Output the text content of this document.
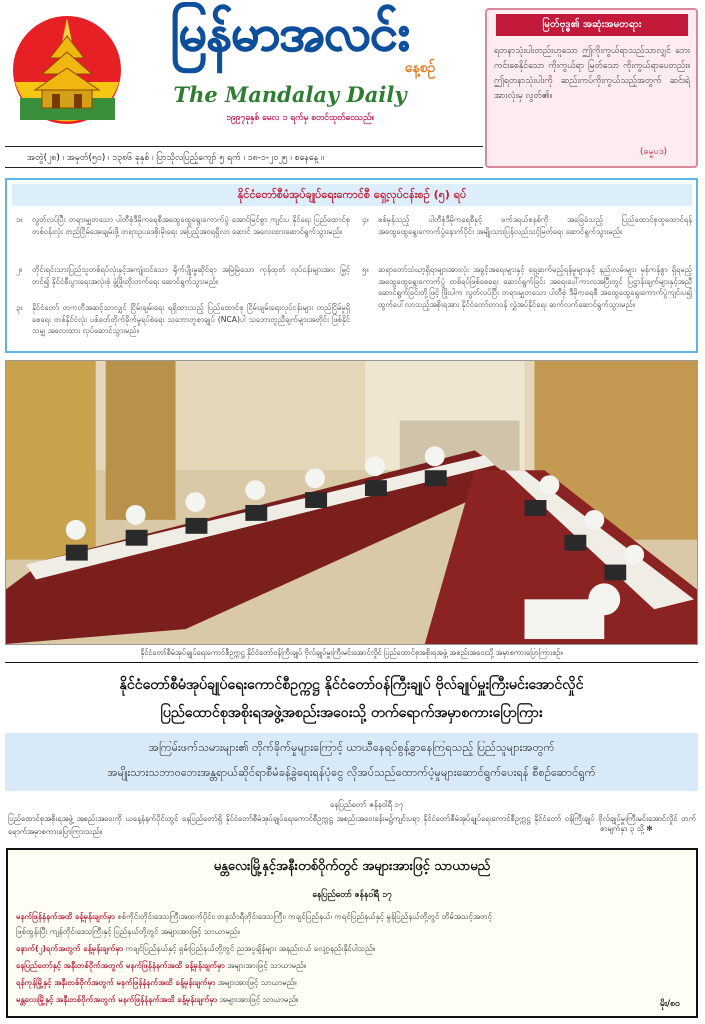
မြန်မာအလင်း
နေ့စဉ်
The Mandalay Daily
၁၉၉၇ခုနှစ် မေလ ၁ ရက်မှ စတင်ထုတ်ဝေသည်။
မြတ်ဗုဒ္ဓ၏ အဆုံးအမတရား
ရတနာသုံးပါးတည်းဟူသော ဤကိုးကွယ်ရာသည်သာလျှင် ဘေးကင်းစေနိုင်သော ကိုးကွယ်ရာ မြတ်သော ကိုးကွယ်ရာပေတည်း။ ဤရတနာသုံးပါးကို ဆည်းကပ်ကိုးကွယ်သည့်အတွက် ဆင်းရဲအားလုံးမှ လွတ်၏။
(ဓမ္မပဒ)
အတွဲ(၂၈) ၊ အမှတ်(၅၀) ၊ ၁၃၈၆ ခုနှစ် ၊ ပြာသိုလပြည့်ကျော် ၅ ရက် ၊ ၁၈-၁-၂၀၂၅ ၊ စနေနေ့ ။
နိုင်ငံတော်စီမံအုပ်ချုပ်ရေးကောင်စီ ရှေ့လုပ်ငန်းစဉ် (၅) ရပ်
၁။ လွတ်လပ်ပြီး တရားမျှတသော ပါတီစုံဒီမိုကရေစီအထွေထွေရွေးကောက်ပွဲ အောင်မြင်စွာ ကျင်းပ နိုင်ရေး ပြည်ထောင်စုတစ်ဝန်းလုံး တည်ငြိမ်အေးချမ်းဖို့ တရားဥပဒေစိုးမိုးရေး အပြည့်အဝရရှိလာ ဆောင် အလေးထားဆောင်ရွက်သွားမည်။
၂။ တိုင်းရင်းသားပြည်သူတစ်ရပ်လုံးနှင့်အကျုံးဝင်သော ရိုက်ပျိုးမှုဆိုင်ရာ အမြဲမြဲသော ကုန်ထုတ် လုပ်ငန်းများအား မြှင့်တင်၍ နိုင်ငံစီးပွားရေးအလုံးစုံ ဖွံ့ဖြိုးတိုးတက်ရေး ဆောင်ရွက်သွားမည်။
၃။ နိုင်ငံတော် တကတီအဆင့်သာလျှင် ငြိမ်းချမ်းရေး ရရှိထားသည့် ပြည်ထောင်စု ငြိမ်းချမ်းရေးလုပ်ငန်းများ တည်ငြိမ်မှုရှိစေရေး တစ်နိုင်ငံလုံး ပစ်ခတ်တိုက်ခိုက်မှုရပ်စဲရေး သဘောတူစာချုပ် (NCA)ပါ သဘောတူညီချက်များအတိုင်း ဖြစ်နိုင်သမျှ အလေးထား လုပ်ဆောင်သွားမည်။
၄။ စစ်မှန်သည့် ပါတီစုံဒီမိုကရေစီနှင့် ဖက်ဒရယ်စနစ်ကို အခြေခံသည့် ပြည်ထောင်စုထူထောင်ရန် အထွေထွေရွေးကောက်ပွဲနောက်ပိုင်း အမျိုးသားပြန်လည်သင့်မြတ်ရေး ဆောင်ရွက်သွားမည်။
၅။ ဆရာတော်သံဃာ့ရှိရာများအားလုံး အခွင့်အရေးများနှင့် ရှေ့ဆက်မည့်ရန်မှုများနှင့် နည်းလမ်းများ မှန်ကန်စွာ ရှိရမည့် အထွေထွေရွေးကောက်ပွဲ တစ်ရပ်ဖြစ်စေရေး ဆောင်ရွက်ခြင်း အရေးပေါ်ကာလအပြီးတွင် ပြဋ္ဌာန်းချက်များနှင့်အညီ ဆောင်ရွက်ခြင်းတို့ဖြင့် ဖြိုးပါက လွတ်လပ်ပြီး တရားမျှတသော ပါတီစုံ ဒီမိုကရေစီ အထွေထွေရွေးကောက်ပွဲကျင်းပ၍ ထွက်ပေါ်လာသည့်အစိုးရအား နိုင်ငံတော်တာဝန် လွှဲအပ်နိုင်ရေး ဆက်လက်ဆောင်ရွက်သွားမည်။
နိုင်ငံတော်စီမံအုပ်ချုပ်ရေးကောင်စီဥက္ကဋ္ဌ နိုင်ငံတော်ဝန်ကြီးချုပ် ဗိုလ်ချုပ်မှူးကြီးမင်းအောင်လှိုင် ပြည်ထောင်စုအစိုးရအဖွဲ့ အစည်းအဝေးသို့ အမှာစကားပြောကြားစဉ်။
နိုင်ငံတော်စီမံအုပ်ချုပ်ရေးကောင်စီဥက္ကဋ္ဌ နိုင်ငံတော်ဝန်ကြီးချုပ် ဗိုလ်ချုပ်မှူးကြီးမင်းအောင်လှိုင်
ပြည်ထောင်စုအစိုးရအဖွဲ့အစည်းအဝေးသို့ တက်ရောက်အမှာစကားပြောကြား
အကြမ်းဖက်သမားများ၏ တိုက်ခိုက်မှုများကြောင့် ယာယီနေရပ်စွန့်ခွာနေကြရသည့် ပြည်သူများအတွက်
အမျိုးသားသဘာဝဘေးအန္တရာယ်ဆိုင်ရာစီမံခန့်ခွဲရေးရန်ပုံငွေ လိုအပ်သည်ထောက်ပံ့မှုများဆောင်ရွက်ပေးရန် စီစဉ်ဆောင်ရွက်
နေပြည်တော် ဇန်နဝါရီ ၁၇
ပြည်ထောင်စုအစိုးရအဖွဲ့ အစည်းအဝေးကို ယနေ့နံနက်ပိုင်းတွင် နေပြည်တော်ရှိ နိုင်ငံတော်စီမံအုပ်ချုပ်ရေးကောင်စီဥက္ကဋ္ဌ အစည်းအဝေးခန်းမ၌ကျင်းပရာ နိုင်ငံတော်စီမံအုပ်ချုပ်ရေးကောင်စီဥက္ကဋ္ဌ နိုင်ငံတော် ဝန်ကြီးချုပ် ဗိုလ်ချုပ်မှူးကြီးမင်းအောင်လှိုင် တက်ရောက်အမှာစကားပြောကြားသည်။	စာမျက်နှာ ၃ သို့ ✻
မန္တလေးမြို့နှင့်အနီးတစ်ဝိုက်တွင် အများအားဖြင့် သာယာမည်
နေပြည်တော် ဇန်နဝါရီ ၁၇
မနက်ဖြန်နံနက်အထိ ခန့်မှန်းချက်မှာ စစ်ကိုင်းတိုင်းဒေသကြီးအထက်ပိုင်း၊ တနင်္သာရီတိုင်းဒေသကြီး၊ ကချင်ပြည်နယ်၊ ကရင်ပြည်နယ်နှင့် မွန်ပြည်နယ်တို့တွင် တိမ်အသင့်အတင့်
ဖြစ်ထွန်းပြီး ကျန်တိုင်းဒေသကြီးနှင့် ပြည်နယ်တို့တွင် အများအားဖြင့် သာယာမည်။
နောက်(၂)ရက်အတွက် ခန့်မှန်းချက်မှာ ကချင်ပြည်နယ်နှင့် ရှမ်းပြည်နယ်တို့တွင် ညအပူချိန်များ အနည်းငယ် လျော့နည်းနိုင်ပါသည်။
နေပြည်တော်နှင့် အနီးတစ်ဝိုက်အတွက် မနက်ဖြန်နံနက်အထိ ခန့်မှန်းချက်မှာ အများအားဖြင့် သာယာမည်။
ရန်ကုန်မြို့နှင့် အနီးတစ်ဝိုက်အတွက် မနက်ဖြန်နံနက်အထိ ခန့်မှန်းချက်မှာ အများအားဖြင့် သာယာမည်။
မန္တလေးမြို့နှင့် အနီးတစ်ဝိုက်အတွက် မနက်ဖြန်နံနက်အထိ ခန့်မှန်းချက်မှာ အများအားဖြင့် သာယာမည်။	မိုး/၈၀
